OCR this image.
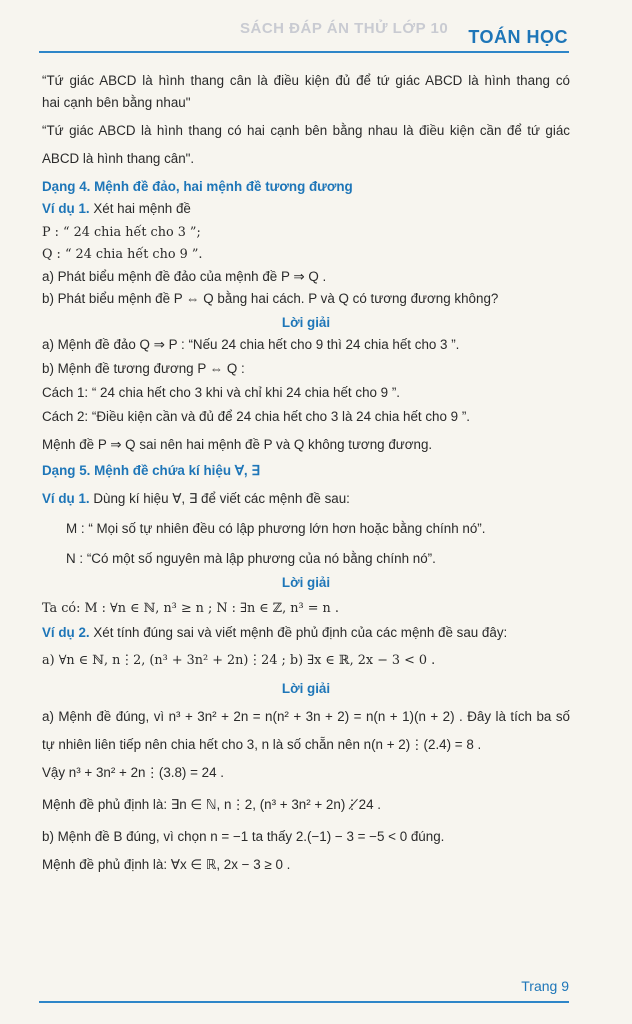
SÁCH ĐÁP ÁN THỬ LỚP 10 TOÁN HỌC
“Tứ giác ABCD là hình thang cân là điều kiện đủ để tứ giác ABCD là hình thang có
hai cạnh bên bằng nhau"
“Tứ giác ABCD là hình thang có hai cạnh bên bằng nhau là điều kiện cần để tứ giác
ABCD là hình thang cân".
Dạng 4. Mệnh đề đảo, hai mệnh đề tương đương
Ví dụ 1. Xét hai mệnh đề
P : “ 24 chia hết cho 3 ”;
Q : “ 24 chia hết cho 9 ”.
a) Phát biểu mệnh đề đảo của mệnh đề P ⇒ Q .
b) Phát biểu mệnh đề P ⇔ Q bằng hai cách. P và Q có tương đương không?
Lời giải
a) Mệnh đề đảo Q ⇒ P : “Nếu 24 chia hết cho 9 thì 24 chia hết cho 3 ”.
b) Mệnh đề tương đương P ⇔ Q :
Cách 1: “ 24 chia hết cho 3 khi và chỉ khi 24 chia hết cho 9 ”.
Cách 2: “Điều kiện cần và đủ để 24 chia hết cho 3 là 24 chia hết cho 9 ”.
Mệnh đề P ⇒ Q sai nên hai mệnh đề P và Q không tương đương.
Dạng 5. Mệnh đề chứa kí hiệu ∀, ∃
Ví dụ 1. Dùng kí hiệu ∀, ∃ để viết các mệnh đề sau:
M : “ Mọi số tự nhiên đều có lập phương lớn hơn hoặc bằng chính nó”.
N : “Có một số nguyên mà lập phương của nó bằng chính nó”.
Lời giải
Ta có: M : ∀n ∈ ℕ, n³ ≥ n ; N : ∃n ∈ ℤ, n³ = n .
Ví dụ 2. Xét tính đúng sai và viết mệnh đề phủ định của các mệnh đề sau đây:
a) ∀n ∈ ℕ, n⋮2, (n³ + 3n² + 2n)⋮24 ; b) ∃x ∈ ℝ, 2x − 3 < 0 .
Lời giải
a) Mệnh đề đúng, vì n³ + 3n² + 2n = n(n² + 3n + 2) = n(n + 1)(n + 2) . Đây là tích ba số
tự nhiên liên tiếp nên chia hết cho 3, n là số chẵn nên n(n + 2)⋮(2.4) = 8 .
Vậy n³ + 3n² + 2n⋮(3.8) = 24 .
Mệnh đề phủ định là: ∃n ∈ ℕ, n⋮2, (n³ + 3n² + 2n)⋮̸24 .
b) Mệnh đề B đúng, vì chọn n = −1 ta thấy 2.(−1) − 3 = −5 < 0 đúng.
Mệnh đề phủ định là: ∀x ∈ ℝ, 2x − 3 ≥ 0 .
Trang 9
